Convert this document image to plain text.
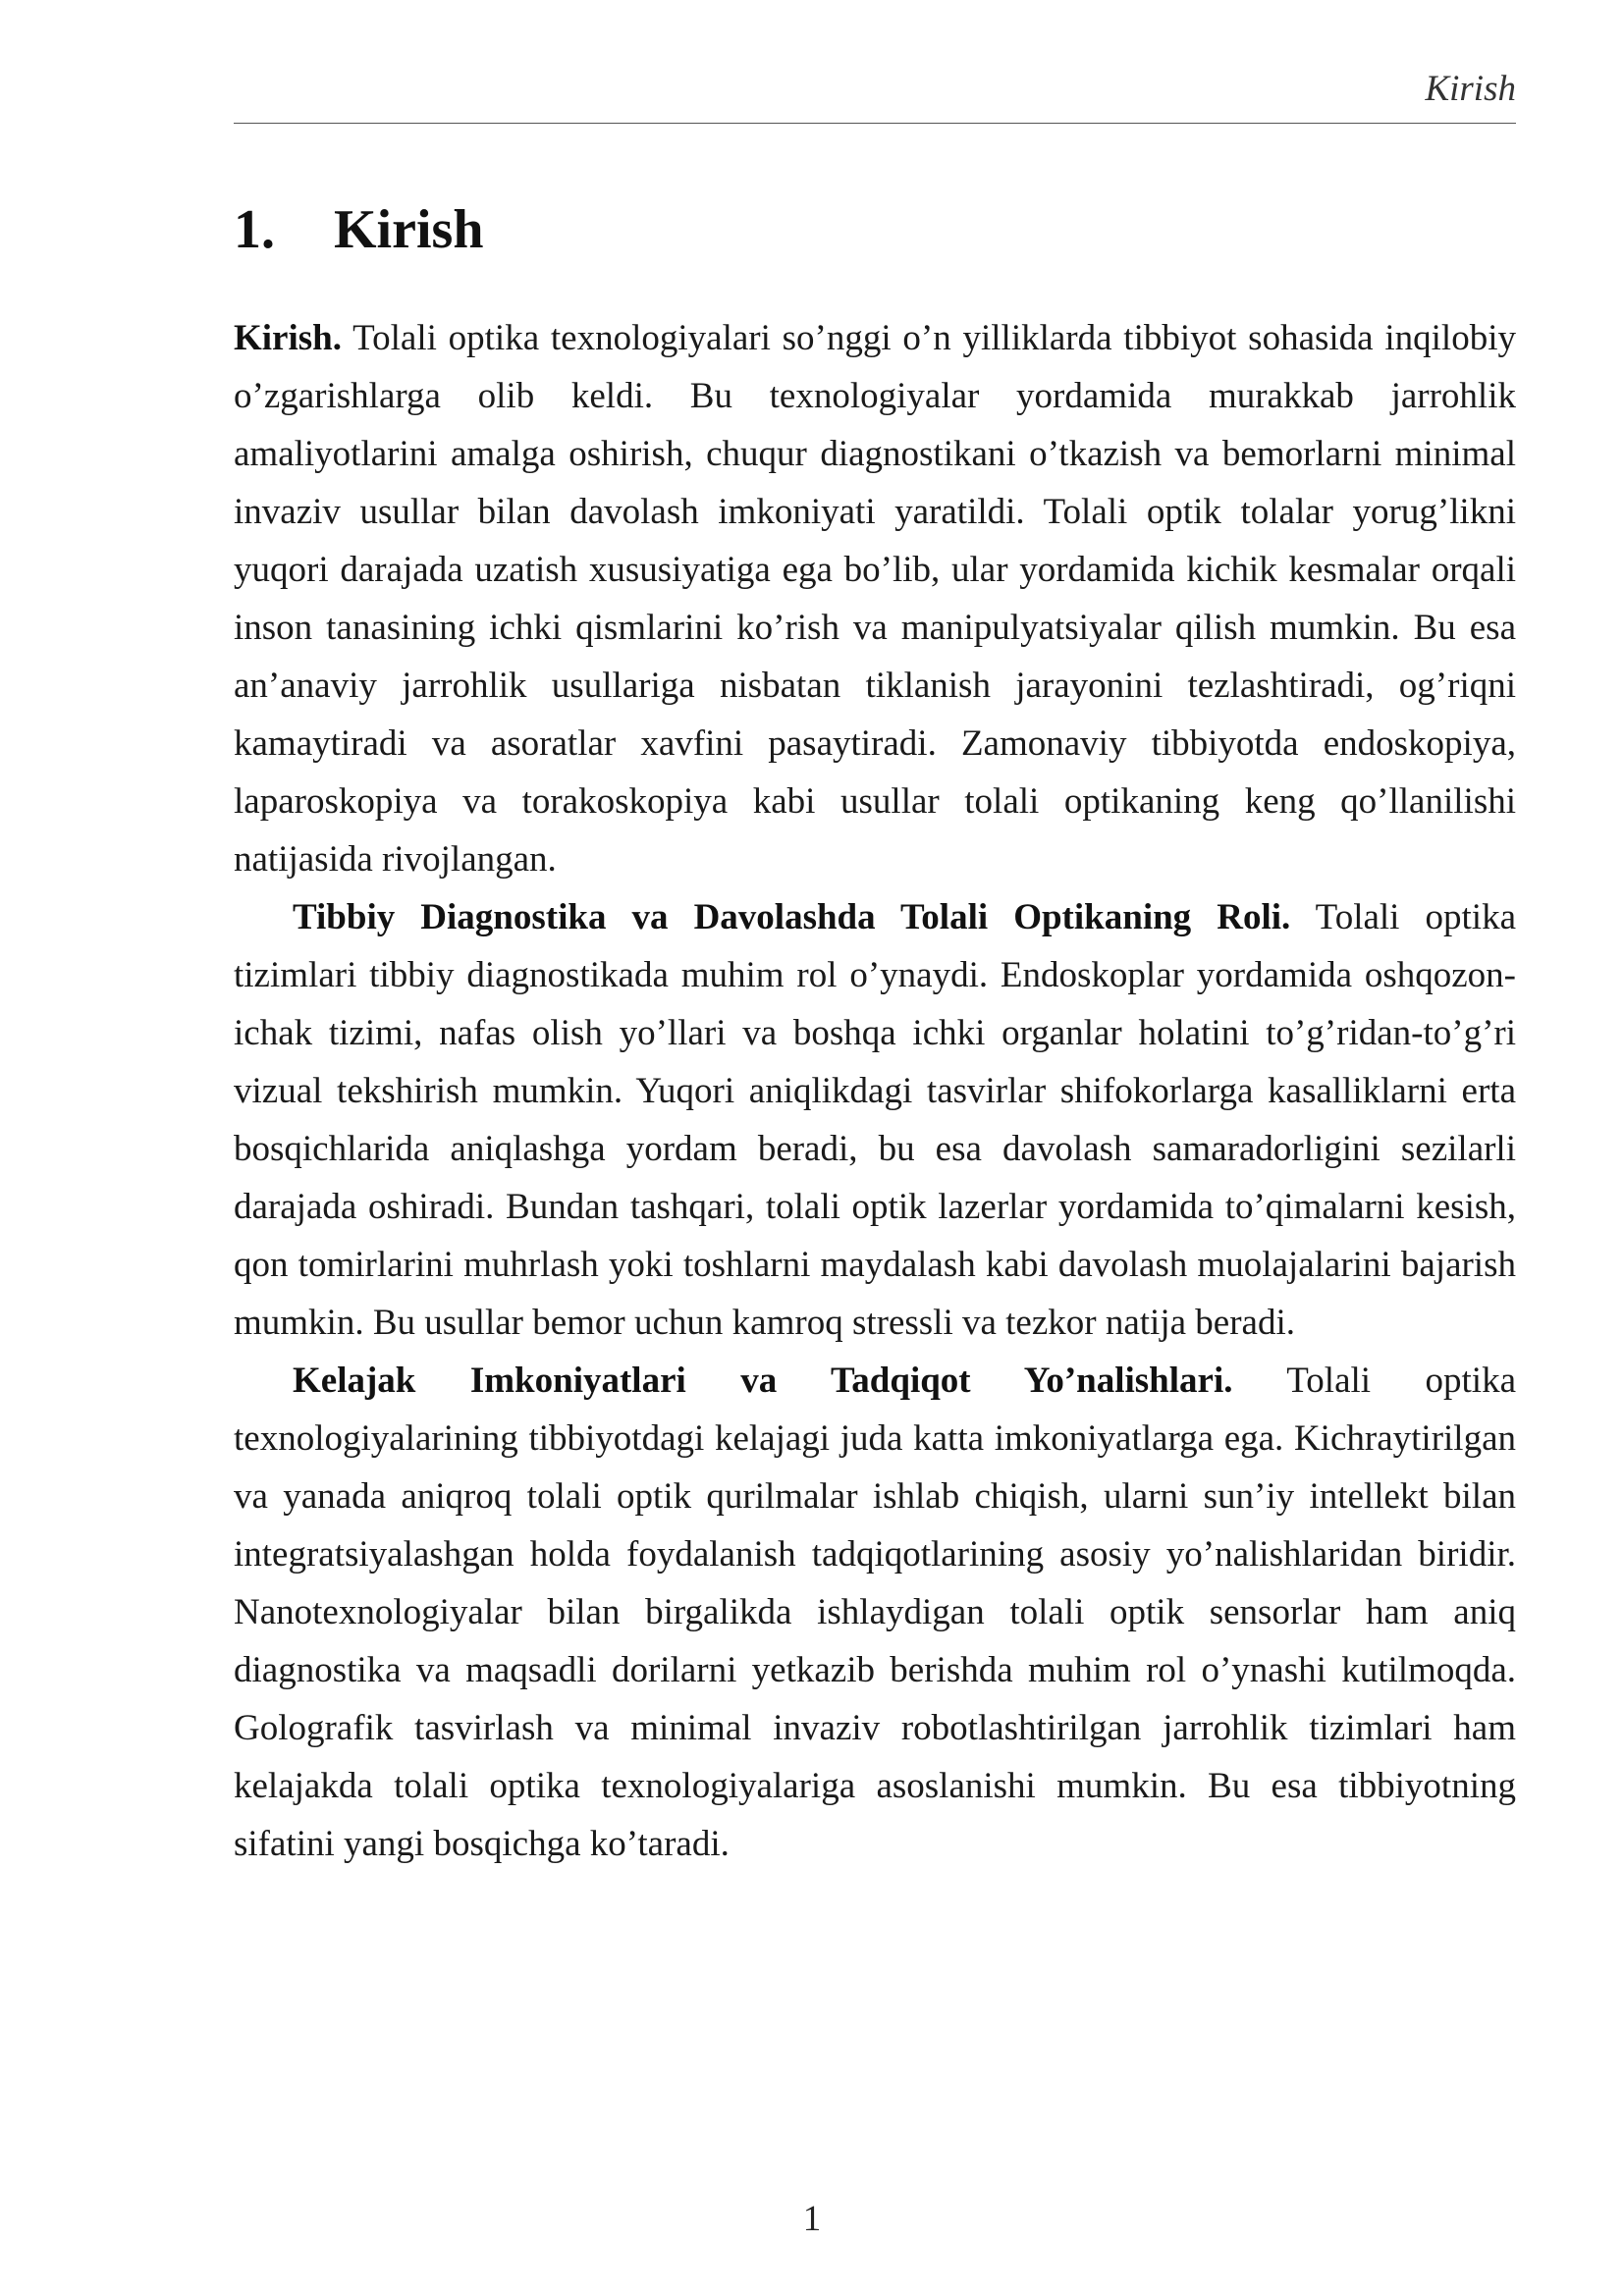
Kirish
1. Kirish

Kirish. Tolali optika texnologiyalari so’nggi o’n yilliklarda tibbiyot sohasida inqilobiy o’zgarishlarga olib keldi. Bu texnologiyalar yordamida murakkab jarrohlik amaliyotlarini amalga oshirish, chuqur diagnostikani o’tkazish va bemorlarni minimal invaziv usullar bilan davolash imkoniyati yaratildi. Tolali optik tolalar yorug’likni yuqori darajada uzatish xususiyatiga ega bo’lib, ular yordamida kichik kesmalar orqali inson tanasining ichki qismlarini ko’rish va manipulyatsiyalar qilish mumkin. Bu esa an’anaviy jarrohlik usullariga nisbatan tiklanish jarayonini tezlashtiradi, og’riqni kamaytiradi va asoratlar xavfini pasaytiradi. Zamonaviy tibbiyotda endoskopiya, laparoskopiya va torakoskopiya kabi usullar tolali optikaning keng qo’llanilishi natijasida rivojlangan.

Tibbiy Diagnostika va Davolashda Tolali Optikaning Roli. Tolali optika tizimlari tibbiy diagnostikada muhim rol o’ynaydi. Endoskoplar yordamida oshqozon-ichak tizimi, nafas olish yo’llari va boshqa ichki organlar holatini to’g’ridan-to’g’ri vizual tekshirish mumkin. Yuqori aniqlikdagi tasvirlar shifokorlarga kasalliklarni erta bosqichlarida aniqlashga yordam beradi, bu esa davolash samaradorligini sezilarli darajada oshiradi. Bundan tashqari, tolali optik lazerlar yordamida to’qimalarni kesish, qon tomirlarini muhrlash yoki toshlarni maydalash kabi davolash muolajalarini bajarish mumkin. Bu usullar bemor uchun kamroq stressli va tezkor natija beradi.

Kelajak Imkoniyatlari va Tadqiqot Yo’nalishlari. Tolali optika texnologiyalarining tibbiyotdagi kelajagi juda katta imkoniyatlarga ega. Kichraytirilgan va yanada aniqroq tolali optik qurilmalar ishlab chiqish, ularni sun’iy intellekt bilan integratsiyalashgan holda foydalanish tadqiqotlarining asosiy yo’nalishlaridan biridir. Nanotexnologiyalar bilan birgalikda ishlaydigan tolali optik sensorlar ham aniq diagnostika va maqsadli dorilarni yetkazib berishda muhim rol o’ynashi kutilmoqda. Golografik tasvirlash va minimal invaziv robotlashtirilgan jarrohlik tizimlari ham kelajakda tolali optika texnologiyalariga asoslanishi mumkin. Bu esa tibbiyotning sifatini yangi bosqichga ko’taradi.

1
